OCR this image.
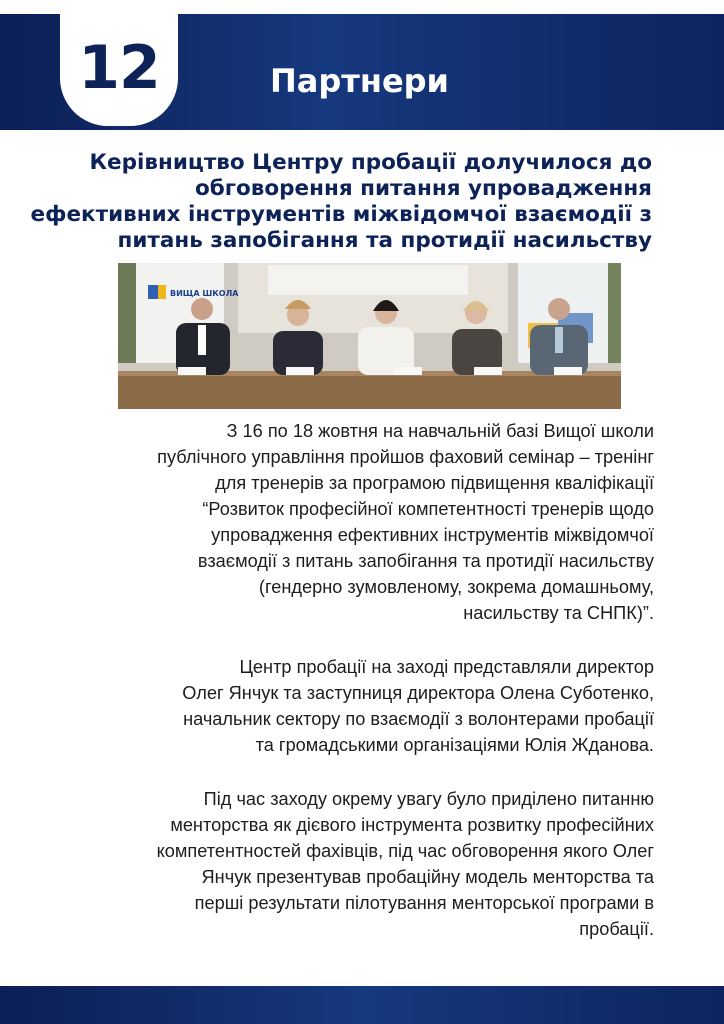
12	Партнери
Керівництво Центру пробації долучилося до
обговорення питання упровадження
ефективних інструментів міжвідомчої взаємодії з
питань запобігання та протидії насильству
ВИЩА ШКОЛА

З 16 по 18 жовтня на навчальній базі Вищої школи
публічного управління пройшов фаховий семінар – тренінг
для тренерів за програмою підвищення кваліфікації
“Розвиток професійної компетентності тренерів щодо
упровадження ефективних інструментів міжвідомчої
взаємодії з питань запобігання та протидії насильству
(гендерно зумовленому, зокрема домашньому,
насильству та СНПК)”.

Центр пробації на заході представляли директор
Олег Янчук та заступниця директора Олена Суботенко,
начальник сектору по взаємодії з волонтерами пробації
та громадськими організаціями Юлія Жданова.

Під час заходу окрему увагу було приділено питанню
менторства як дієвого інструмента розвитку професійних
компетентностей фахівців, під час обговорення якого Олег
Янчук презентував пробаційну модель менторства та
перші результати пілотування менторської програми в
пробації.
